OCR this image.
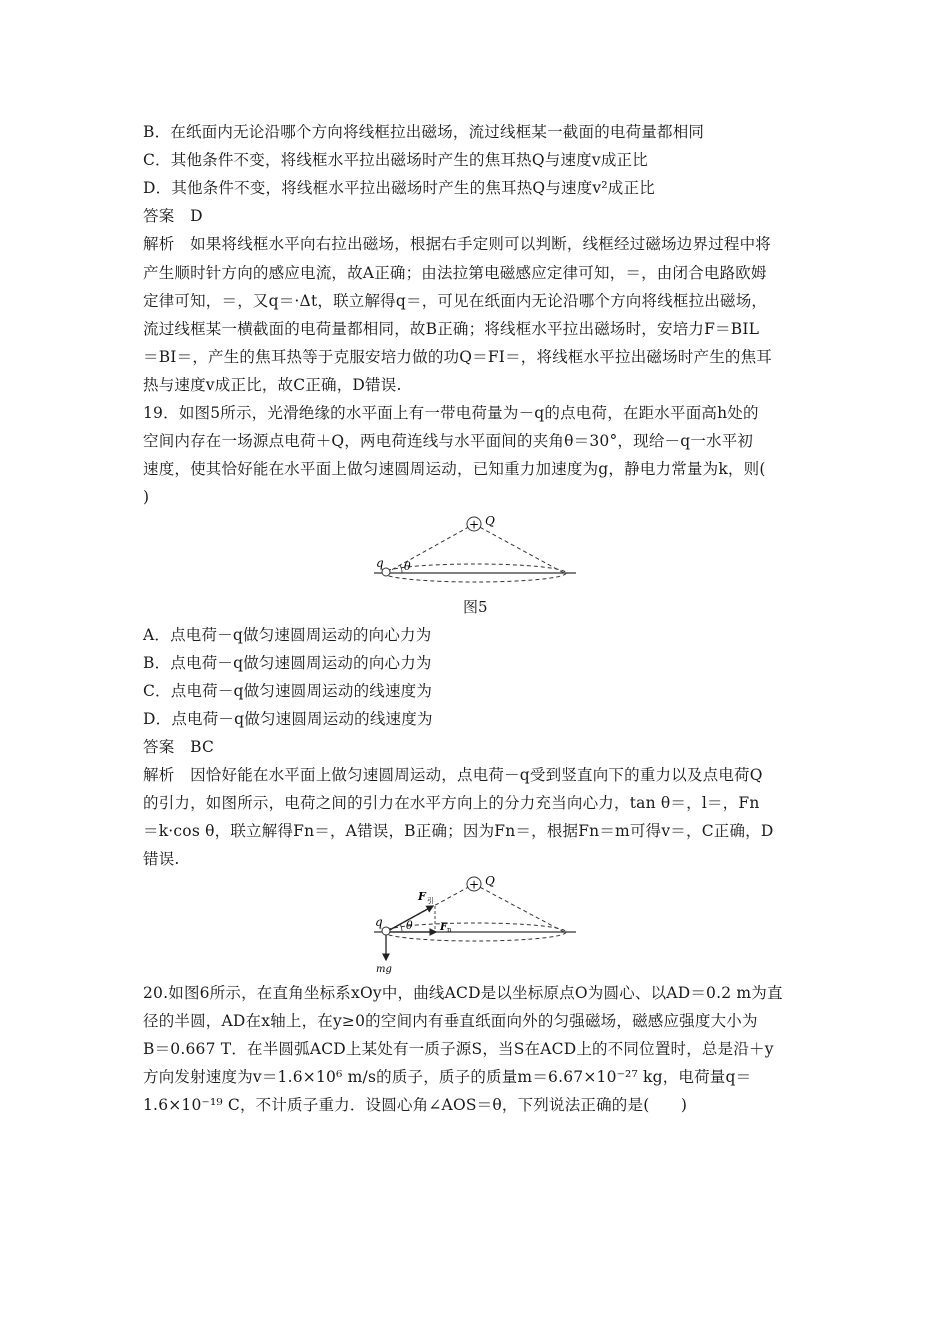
B．在纸面内无论沿哪个方向将线框拉出磁场，流过线框某一截面的电荷量都相同
C．其他条件不变，将线框水平拉出磁场时产生的焦耳热Q与速度v成正比
D．其他条件不变，将线框水平拉出磁场时产生的焦耳热Q与速度v²成正比
答案　D
解析　如果将线框水平向右拉出磁场，根据右手定则可以判断，线框经过磁场边界过程中将
产生顺时针方向的感应电流，故A正确；由法拉第电磁感应定律可知，＝，由闭合电路欧姆
定律可知，＝，又q＝·Δt，联立解得q＝，可见在纸面内无论沿哪个方向将线框拉出磁场，
流过线框某一横截面的电荷量都相同，故B正确；将线框水平拉出磁场时，安培力F＝BIL
＝BI＝，产生的焦耳热等于克服安培力做的功Q＝FI＝，将线框水平拉出磁场时产生的焦耳
热与速度v成正比，故C正确，D错误.
19．如图5所示，光滑绝缘的水平面上有一带电荷量为－q的点电荷，在距水平面高h处的
空间内存在一场源点电荷＋Q，两电荷连线与水平面间的夹角θ＝30°，现给－q一水平初
速度，使其恰好能在水平面上做匀速圆周运动，已知重力加速度为g，静电力常量为k，则(
)
+ Q
q θ
图5
A．点电荷－q做匀速圆周运动的向心力为
B．点电荷－q做匀速圆周运动的向心力为
C．点电荷－q做匀速圆周运动的线速度为
D．点电荷－q做匀速圆周运动的线速度为
答案　BC
解析　因恰好能在水平面上做匀速圆周运动，点电荷－q受到竖直向下的重力以及点电荷Q
的引力，如图所示，电荷之间的引力在水平方向上的分力充当向心力，tan θ＝，l＝，Fn
＝k·cos θ，联立解得Fn＝，A错误，B正确；因为Fn＝，根据Fn＝m可得v＝，C正确，D
错误.
+ Q
q θ
F 引
F n
mg
20.如图6所示，在直角坐标系xOy中，曲线ACD是以坐标原点O为圆心、以AD＝0.2 m为直
径的半圆，AD在x轴上，在y≥0的空间内有垂直纸面向外的匀强磁场，磁感应强度大小为
B＝0.667 T．在半圆弧ACD上某处有一质子源S，当S在ACD上的不同位置时，总是沿＋y
方向发射速度为v＝1.6×10⁶ m/s的质子，质子的质量m＝6.67×10⁻²⁷ kg，电荷量q＝
1.6×10⁻¹⁹ C，不计质子重力．设圆心角∠AOS＝θ，下列说法正确的是(　　)
